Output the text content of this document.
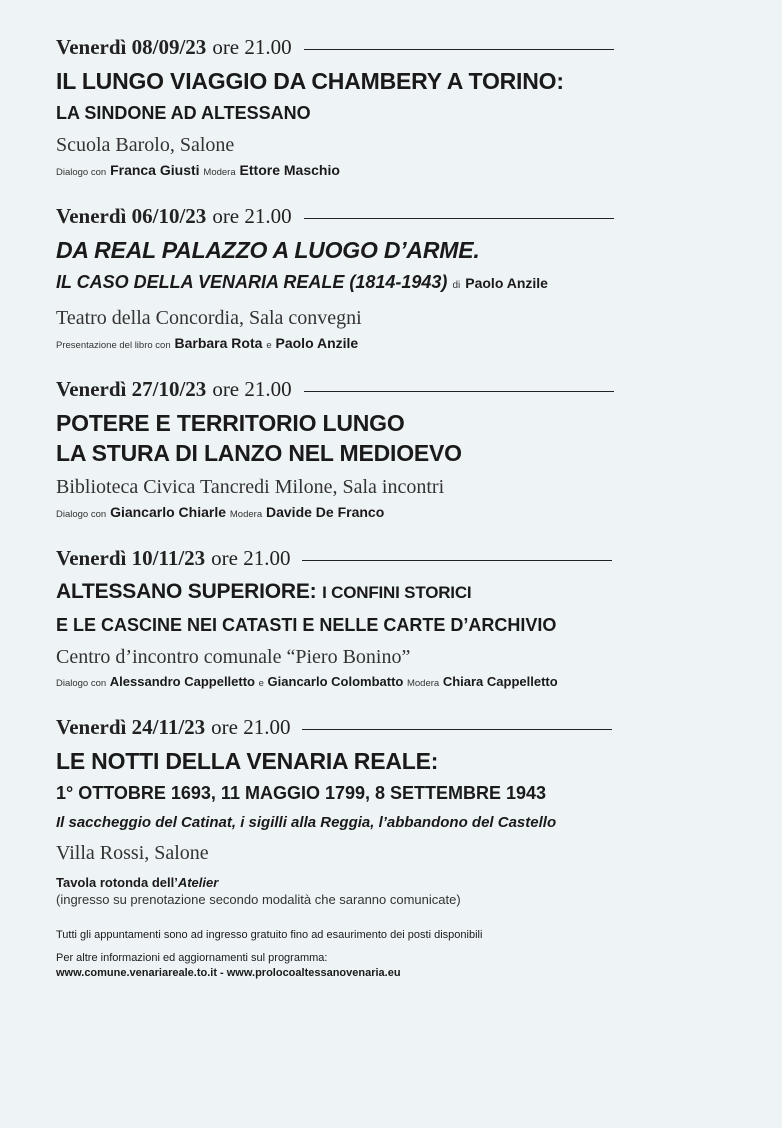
Venerdì 08/09/23 ore 21.00
IL LUNGO VIAGGIO DA CHAMBERY A TORINO:
LA SINDONE AD ALTESSANO
Scuola Barolo, Salone
Dialogo con Franca Giusti Modera Ettore Maschio
Venerdì 06/10/23 ore 21.00
DA REAL PALAZZO A LUOGO D’ARME.
IL CASO DELLA VENARIA REALE (1814-1943) di Paolo Anzile
Teatro della Concordia, Sala convegni
Presentazione del libro con Barbara Rota e Paolo Anzile
Venerdì 27/10/23 ore 21.00
POTERE E TERRITORIO LUNGO
LA STURA DI LANZO NEL MEDIOEVO
Biblioteca Civica Tancredi Milone, Sala incontri
Dialogo con Giancarlo Chiarle Modera Davide De Franco
Venerdì 10/11/23 ore 21.00
ALTESSANO SUPERIORE: I CONFINI STORICI
E LE CASCINE NEI CATASTI E NELLE CARTE D’ARCHIVIO
Centro d’incontro comunale “Piero Bonino”
Dialogo con Alessandro Cappelletto e Giancarlo Colombatto Modera Chiara Cappelletto
Venerdì 24/11/23 ore 21.00
LE NOTTI DELLA VENARIA REALE:
1° OTTOBRE 1693, 11 MAGGIO 1799, 8 SETTEMBRE 1943
Il saccheggio del Catinat, i sigilli alla Reggia, l’abbandono del Castello
Villa Rossi, Salone
Tavola rotonda dell’Atelier
(ingresso su prenotazione secondo modalità che saranno comunicate)
Tutti gli appuntamenti sono ad ingresso gratuito fino ad esaurimento dei posti disponibili
Per altre informazioni ed aggiornamenti sul programma:
www.comune.venariareale.to.it - www.prolocoaltessanovenaria.eu
